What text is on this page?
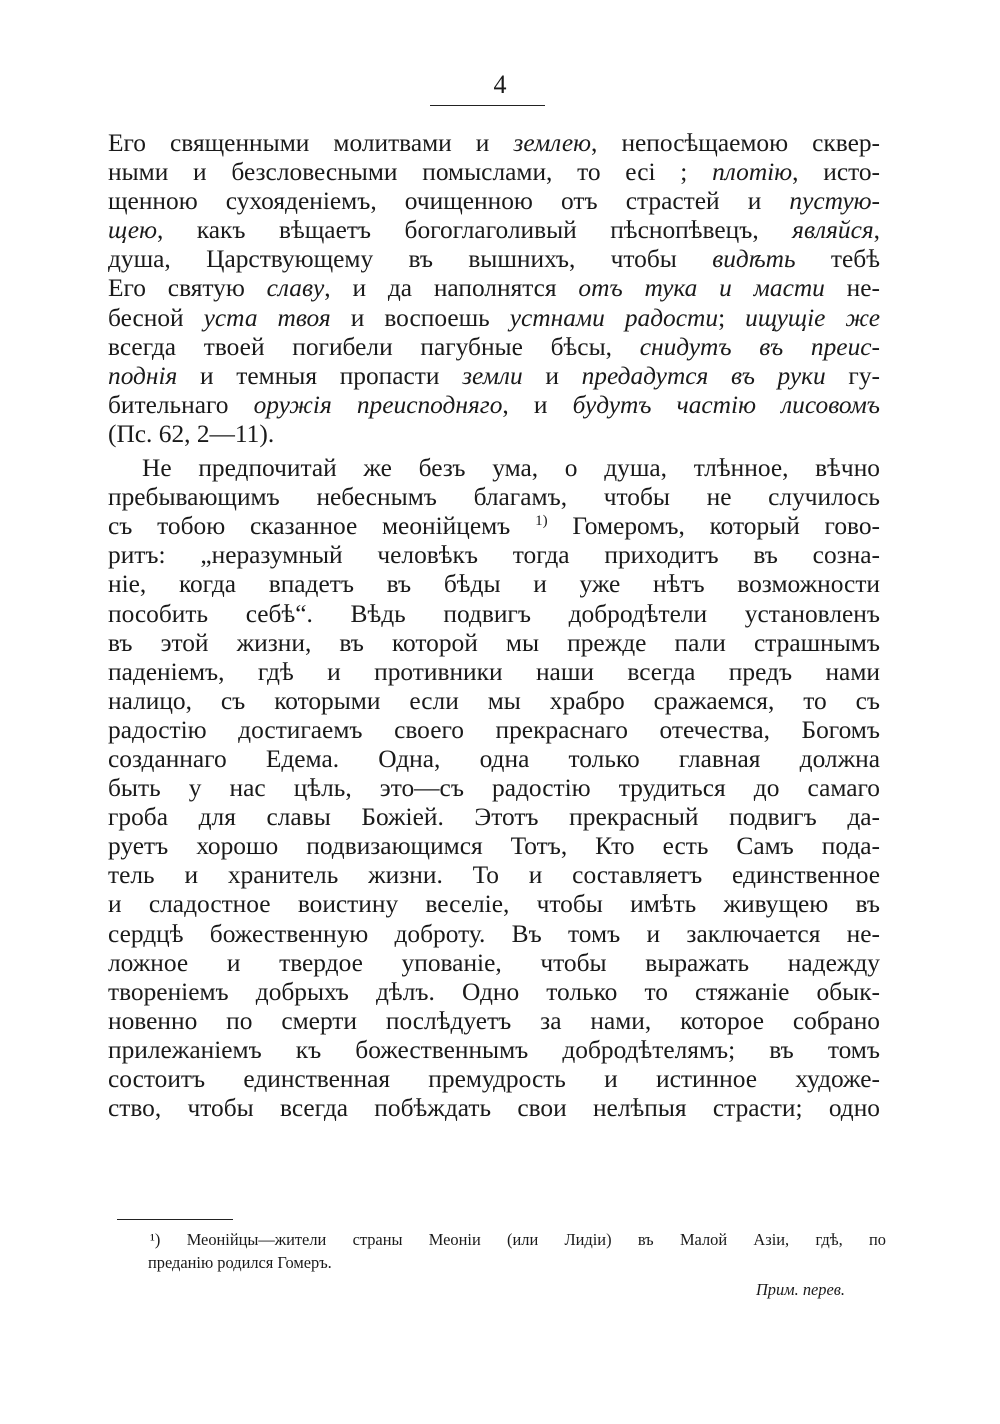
4
Его священными молитвами и землею, непосѣщаемою сквер-
ными и безсловесными помыслами, то есі ; плотію, исто-
щенною сухояденіемъ, очищенною отъ страстей и пустую-
щею, какъ вѣщаетъ богоглаголивый пѣснопѣвецъ, являйся,
душа, Царствующему въ вышнихъ, чтобы видѣть тебѣ
Его святую славу, и да наполнятся отъ тука и масти не-
бесной уста твоя и воспоешь устнами радости; ищущіе же
всегда твоей погибели пагубные бѣсы, снидутъ въ преис-
поднія и темныя пропасти земли и предадутся въ руки гу-
бительнаго оружія преисподняго, и будутъ частію лисовомъ
(Пс. 62, 2—11).
Не предпочитай же безъ ума, о душа, тлѣнное, вѣчно
пребывающимъ небеснымъ благамъ, чтобы не случилось
съ тобою сказанное меонійцемъ $^{1)}$ Гомеромъ, который гово-
ритъ: „неразумный человѣкъ тогда приходитъ въ созна-
ніе, когда впадетъ въ бѣды и уже нѣтъ возможности
пособить себѣ“. Вѣдь подвигъ добродѣтели установленъ
въ этой жизни, въ которой мы прежде пали страшнымъ
паденіемъ, гдѣ и противники наши всегда предъ нами
налицо, съ которыми если мы храбро сражаемся, то съ
радостію достигаемъ своего прекраснаго отечества, Богомъ
созданнаго Едема. Одна, одна только главная должна
быть у нас цѣль, это—съ радостію трудиться до самаго
гроба для славы Божіей. Этотъ прекрасный подвигъ да-
руетъ хорошо подвизающимся Тотъ, Кто есть Самъ пода-
тель и хранитель жизни. То и составляетъ единственное
и сладостное воистину веселіе, чтобы имѣть живущею въ
сердцѣ божественную доброту. Въ томъ и заключается не-
ложное и твердое упованіе, чтобы выражать надежду
твореніемъ добрыхъ дѣлъ. Одно только то стяжаніе обык-
новенно по смерти послѣдуетъ за нами, которое собрано
прилежаніемъ къ божественнымъ добродѣтелямъ; въ томъ
состоитъ единственная премудрость и истинное художе-
ство, чтобы всегда побѣждать свои нелѣпыя страсти; одно
¹) Меонійцы—жители страны Меоніи (или Лидіи) въ Малой Азіи, гдѣ, по
преданію родился Гомеръ.
Прим. перев.
